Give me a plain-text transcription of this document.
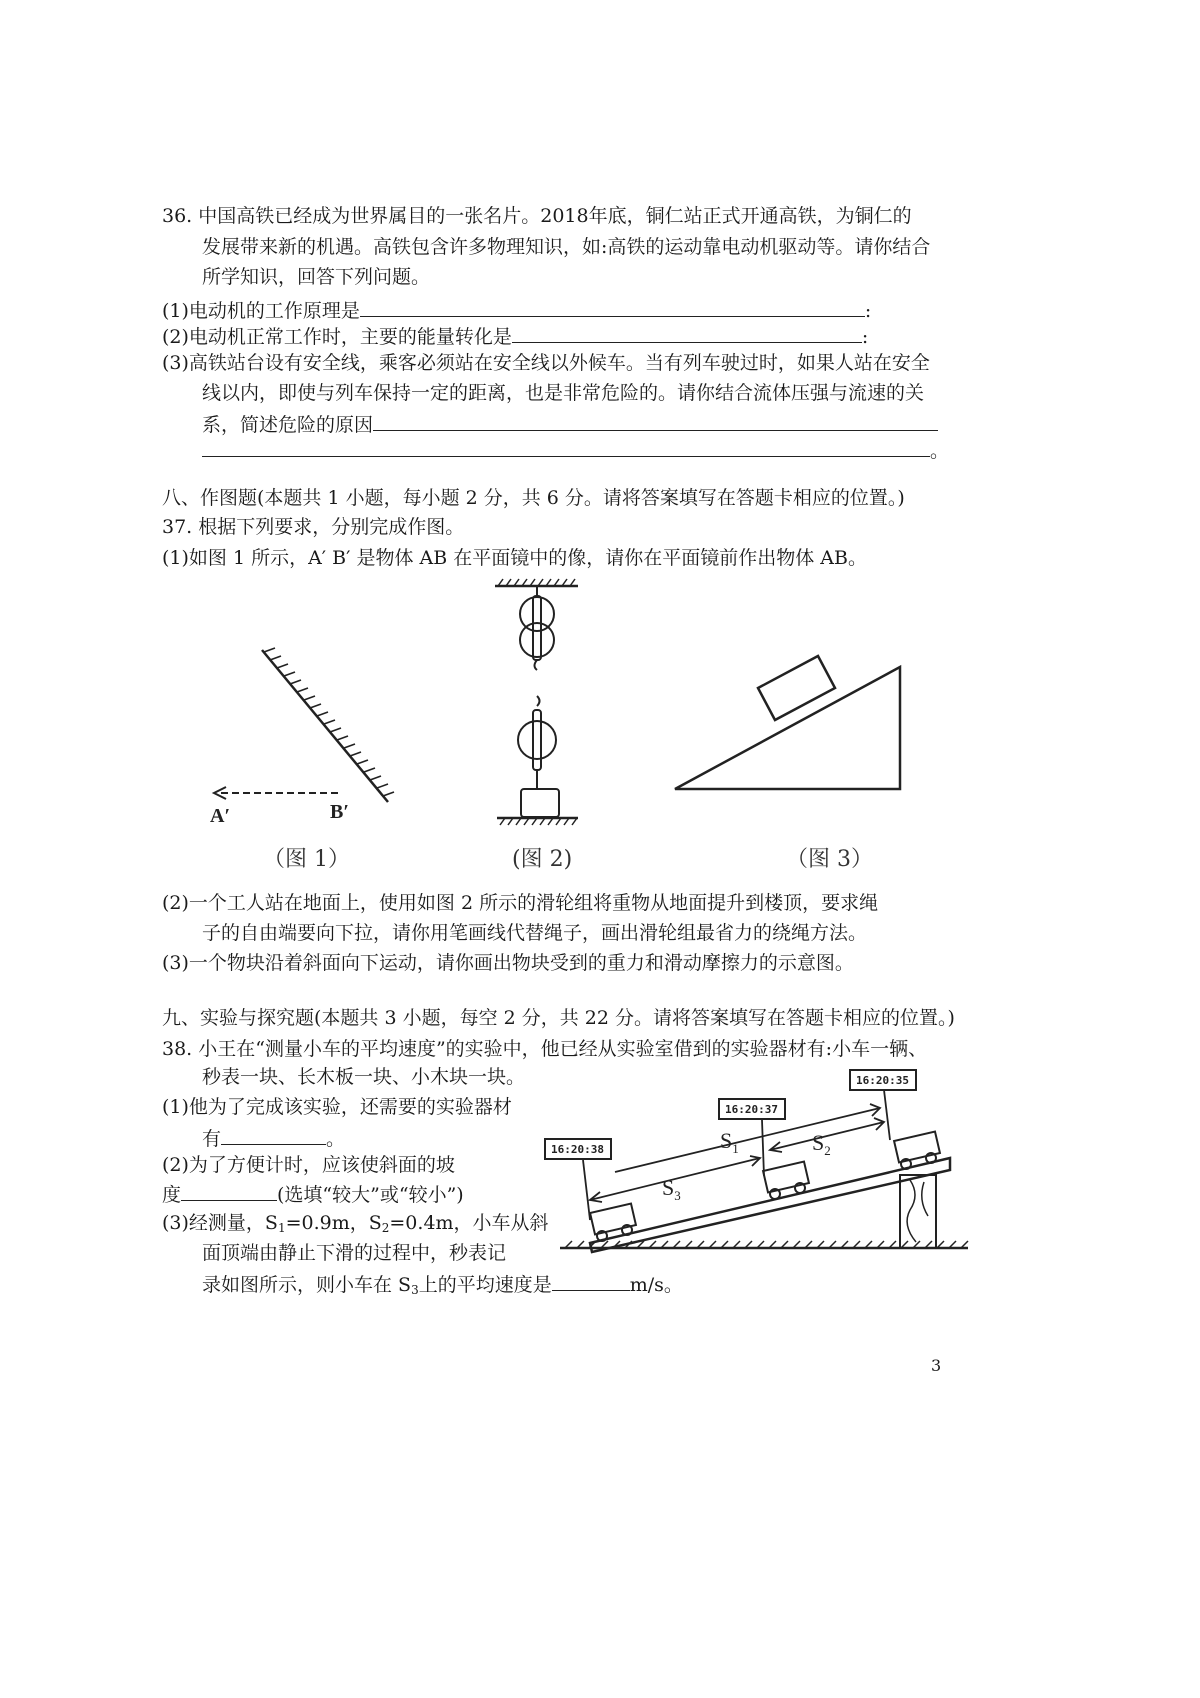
36. 中国高铁已经成为世界属目的一张名片。2018年底，铜仁站正式开通高铁，为铜仁的
发展带来新的机遇。高铁包含许多物理知识，如:高铁的运动靠电动机驱动等。请你结合
所学知识，回答下列问题。
(1)电动机的工作原理是	:
(2)电动机正常工作时，主要的能量转化是	:
(3)高铁站台设有安全线，乘客必须站在安全线以外候车。当有列车驶过时，如果人站在安全
线以内，即使与列车保持一定的距离，也是非常危险的。请你结合流体压强与流速的关
系，简述危险的原因
。
八、作图题(本题共 1 小题，每小题 2 分，共 6 分。请将答案填写在答题卡相应的位置。)
37. 根据下列要求，分别完成作图。
(1)如图 1 所示，A′ B′ 是物体 AB 在平面镜中的像，请你在平面镜前作出物体 AB。
A′	B′
（图 1）	(图 2)	（图 3）
(2)一个工人站在地面上，使用如图 2 所示的滑轮组将重物从地面提升到楼顶，要求绳
子的自由端要向下拉，请你用笔画线代替绳子，画出滑轮组最省力的绕绳方法。
(3)一个物块沿着斜面向下运动，请你画出物块受到的重力和滑动摩擦力的示意图。
九、实验与探究题(本题共 3 小题，每空 2 分，共 22 分。请将答案填写在答题卡相应的位置。)
38. 小王在“测量小车的平均速度”的实验中，他已经从实验室借到的实验器材有:小车一辆、
秒表一块、长木板一块、小木块一块。
(1)他为了完成该实验，还需要的实验器材
有	。
(2)为了方便计时，应该使斜面的坡
度	(选填“较大”或“较小”)
(3)经测量，$S_1=0.9m$，$S_2=0.4m$，小车从斜
面顶端由静止下滑的过程中，秒表记
录如图所示，则小车在 $S_3$上的平均速度是	m/s。
$S_1$	$S_2$
$S_3$
16:20:35
16:20:37
16:20:38
3
